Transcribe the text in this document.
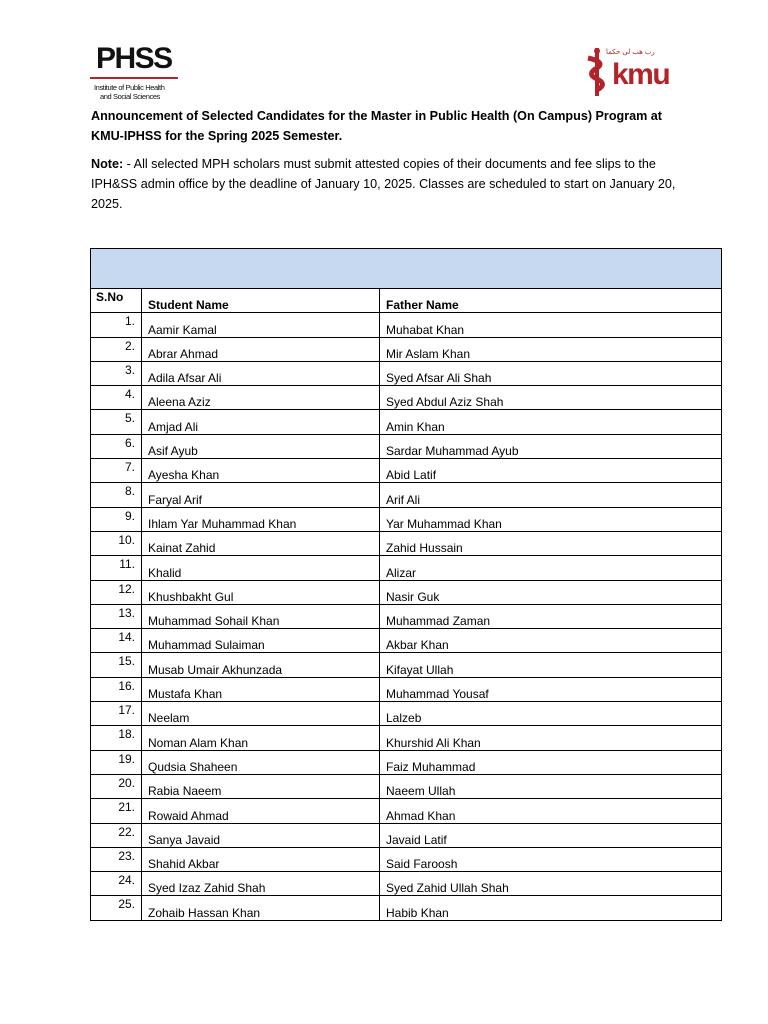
PHSS
Institute of Public Health
and Social Sciences
رب ھب لی حکما
kmu

Announcement of Selected Candidates for the Master in Public Health (On Campus) Program at KMU-IPHSS for the Spring 2025 Semester.

Note: - All selected MPH scholars must submit attested copies of their documents and fee slips to the IPH&SS admin office by the deadline of January 10, 2025. Classes are scheduled to start on January 20, 2025.

S.No	Student Name	Father Name
1.	Aamir Kamal	Muhabat Khan
2.	Abrar Ahmad	Mir Aslam Khan
3.	Adila Afsar Ali	Syed Afsar Ali Shah
4.	Aleena Aziz	Syed Abdul Aziz Shah
5.	Amjad Ali	Amin Khan
6.	Asif Ayub	Sardar Muhammad Ayub
7.	Ayesha Khan	Abid Latif
8.	Faryal Arif	Arif Ali
9.	Ihlam Yar Muhammad Khan	Yar Muhammad Khan
10.	Kainat Zahid	Zahid Hussain
11.	Khalid	Alizar
12.	Khushbakht Gul	Nasir Guk
13.	Muhammad Sohail Khan	Muhammad Zaman
14.	Muhammad Sulaiman	Akbar Khan
15.	Musab Umair Akhunzada	Kifayat Ullah
16.	Mustafa Khan	Muhammad Yousaf
17.	Neelam	Lalzeb
18.	Noman Alam Khan	Khurshid Ali Khan
19.	Qudsia Shaheen	Faiz Muhammad
20.	Rabia Naeem	Naeem Ullah
21.	Rowaid Ahmad	Ahmad Khan
22.	Sanya Javaid	Javaid Latif
23.	Shahid Akbar	Said Faroosh
24.	Syed Izaz Zahid Shah	Syed Zahid Ullah Shah
25.	Zohaib Hassan Khan	Habib Khan
